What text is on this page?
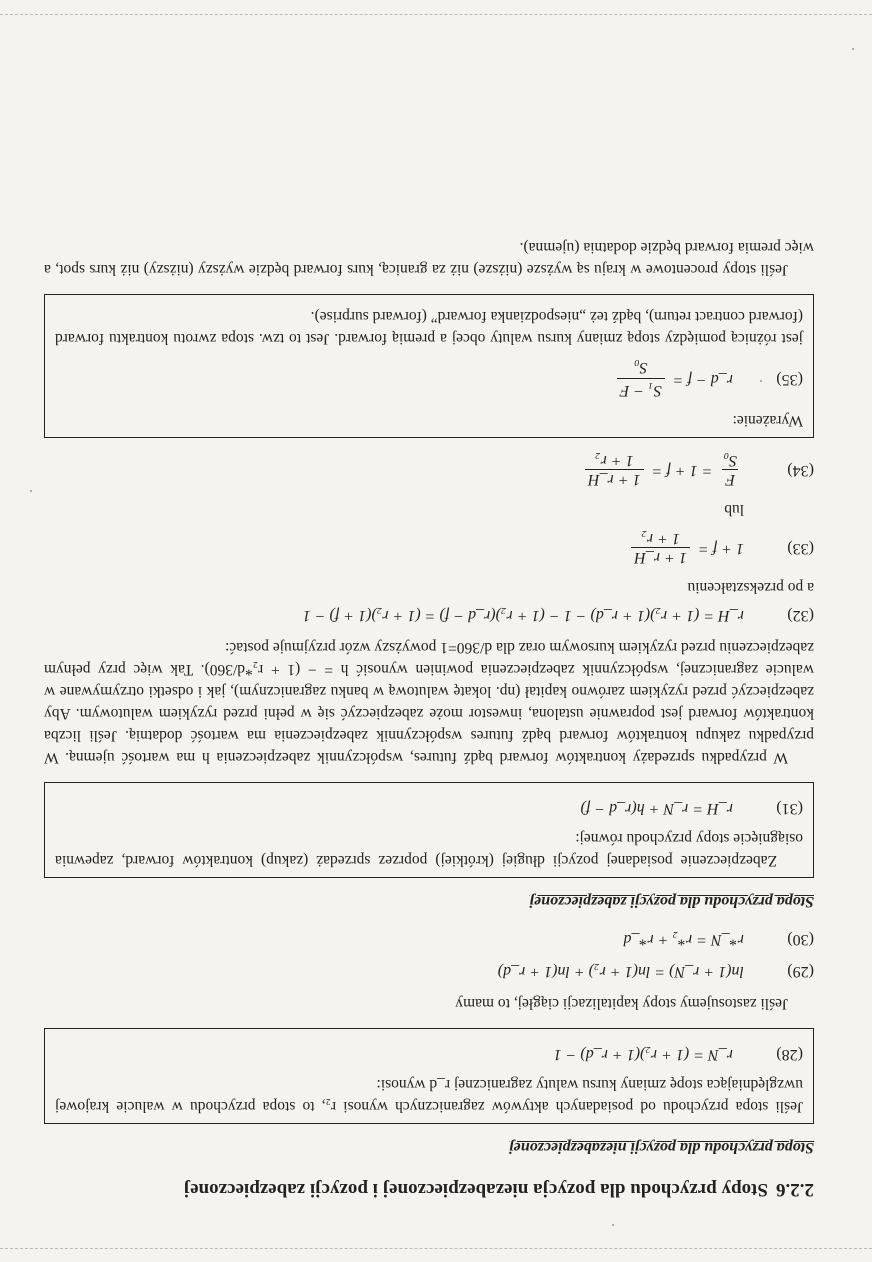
2.2.6Stopy przychodu dla pozycja niezabezpieczonej i pozycji zabezpieczonej
Stopa przychodu dla pozycji niezabezpieczonej

Jeśli stopa przychodu od posiadanych aktywów zagranicznych wynosi r₂, to stopa przychodu w walucie krajowej uwzględniająca stopę zmiany kursu waluty zagranicznej r_d wynosi:

(28)
r_N = (1 + r₂)(1 + r_d) − 1

Jeśli zastosujemy stopy kapitalizacji ciągłej, to mamy

(29)
ln(1 + r_N) = ln(1 + r₂) + ln(1 + r_d)
(30)
r*_N = r*₂ + r*_d
Stopa przychodu dla pozycji zabezpieczonej

Zabezpieczenie posiadanej pozycji długiej (krótkiej) poprzez sprzedaż (zakup) kontraktów forward, zapewnia osiągnięcie stopy przychodu równej:

(31)
r_H = r_N + h(r_d − f)

W przypadku sprzedaży kontraktów forward bądź futures, współczynnik zabezpieczenia h ma wartość ujemną. W przypadku zakupu kontraktów forward bądź futures współczynnik zabezpieczenia ma wartość dodatnią. Jeśli liczba kontraktów forward jest poprawnie ustalona, inwestor może zabezpieczyć się w pełni przed ryzykiem walutowym. Aby zabezpieczyć przed ryzykiem zarówno kapitał (np. lokatę walutową w banku zagranicznym), jak i odsetki otrzymywane w walucie zagranicznej, współczynnik zabezpieczenia powinien wynosić h = − (1 + r₂*d/360). Tak więc przy pełnym zabezpieczeniu przed ryzykiem kursowym oraz dla d/360=1 powyższy wzór przyjmuje postać:

(32)
r_H = (1 + r₂)(1 + r_d) − 1 − (1 + r₂)(r_d − f) = (1 + r₂)(1 + f) − 1
a po przekształceniu
(33)
1 + f =
1 + r_H
1 + r₂
lub
(34)
F
S₀
= 1 + f =
1 + r_H
1 + r₂

Wyrażenie:

(35)
r_d − f =
S₁ − F
S₀

jest różnicą pomiędzy stopą zmiany kursu waluty obcej a premią forward. Jest to tzw. stopa zwrotu kontraktu forward (forward contract return), bądź też „niespodzianka forward” (forward surprise).

Jeśli stopy procentowe w kraju są wyższe (niższe) niż za granicą, kurs forward będzie wyższy (niższy) niż kurs spot, a więc premia forward będzie dodatnia (ujemna).
